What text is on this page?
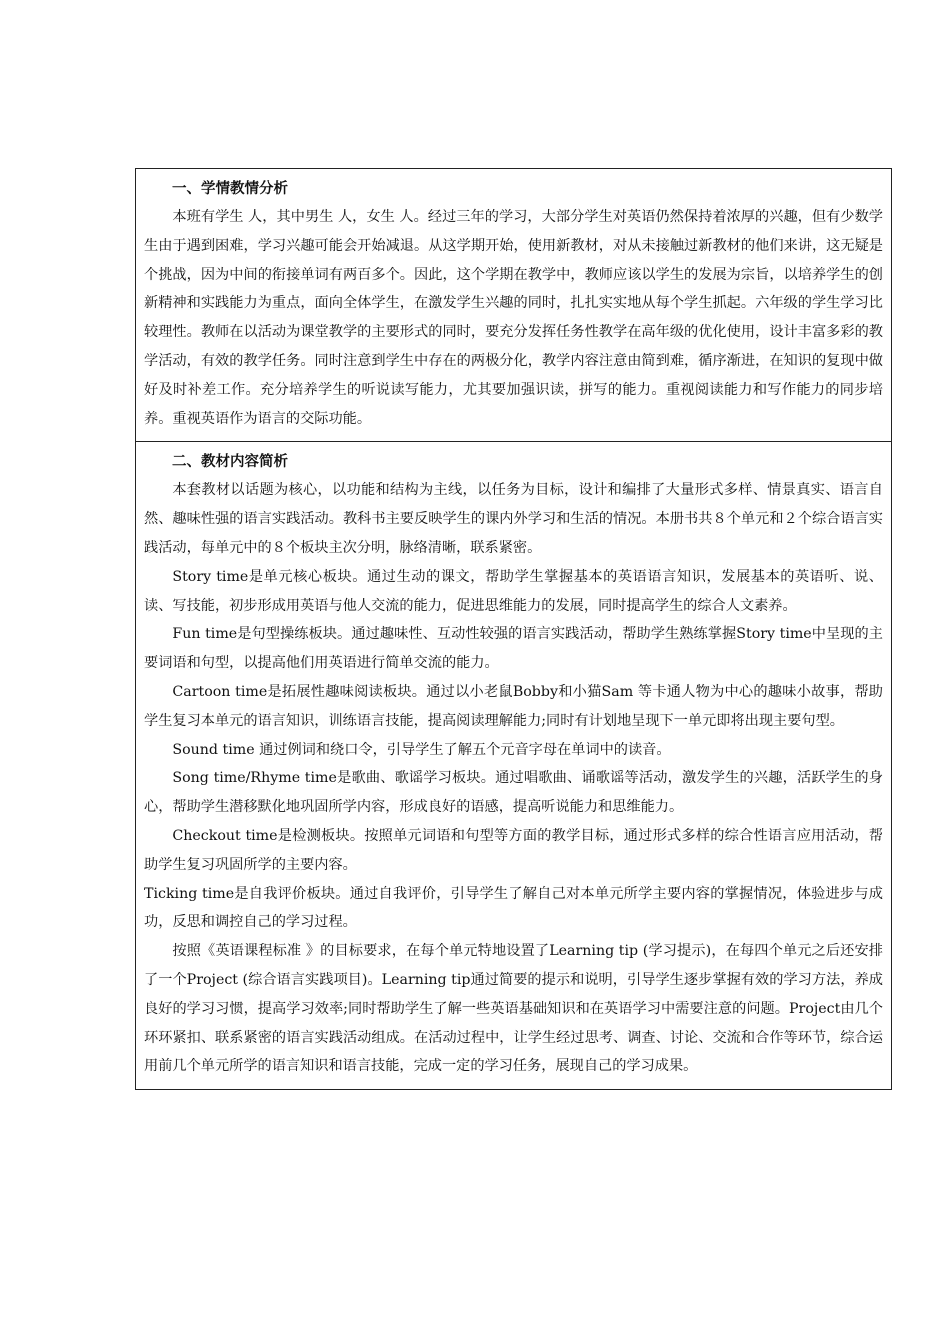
一、学情教情分析

本班有学生 人，其中男生 人，女生 人。经过三年的学习，大部分学生对英语仍然保持着浓厚的兴趣，但有少数学生由于遇到困难，学习兴趣可能会开始减退。从这学期开始，使用新教材，对从未接触过新教材的他们来讲，这无疑是个挑战，因为中间的衔接单词有两百多个。因此，这个学期在教学中，教师应该以学生的发展为宗旨，以培养学生的创新精神和实践能力为重点，面向全体学生，在激发学生兴趣的同时，扎扎实实地从每个学生抓起。六年级的学生学习比较理性。教师在以活动为课堂教学的主要形式的同时，要充分发挥任务性教学在高年级的优化使用，设计丰富多彩的教学活动，有效的教学任务。同时注意到学生中存在的两极分化，教学内容注意由简到难，循序渐进，在知识的复现中做好及时补差工作。充分培养学生的听说读写能力，尤其要加强识读，拼写的能力。重视阅读能力和写作能力的同步培养。重视英语作为语言的交际功能。

二、教材内容简析

本套教材以话题为核心，以功能和结构为主线，以任务为目标，设计和编排了大量形式多样、情景真实、语言自然、趣味性强的语言实践活动。教科书主要反映学生的课内外学习和生活的情况。本册书共８个单元和２个综合语言实践活动，每单元中的８个板块主次分明，脉络清晰，联系紧密。

Story time是单元核心板块。通过生动的课文，帮助学生掌握基本的英语语言知识，发展基本的英语听、说、读、写技能，初步形成用英语与他人交流的能力，促进思维能力的发展，同时提高学生的综合人文素养。

Fun time是句型操练板块。通过趣味性、互动性较强的语言实践活动，帮助学生熟练掌握Story time中呈现的主要词语和句型，以提高他们用英语进行简单交流的能力。

Cartoon time是拓展性趣味阅读板块。通过以小老鼠Bobby和小猫Sam 等卡通人物为中心的趣味小故事，帮助学生复习本单元的语言知识，训练语言技能，提高阅读理解能力;同时有计划地呈现下一单元即将出现主要句型。

Sound time 通过例词和绕口令，引导学生了解五个元音字母在单词中的读音。

Song time/Rhyme time是歌曲、歌谣学习板块。通过唱歌曲、诵歌谣等活动，激发学生的兴趣，活跃学生的身心，帮助学生潜移默化地巩固所学内容，形成良好的语感，提高听说能力和思维能力。

Checkout time是检测板块。按照单元词语和句型等方面的教学目标，通过形式多样的综合性语言应用活动，帮助学生复习巩固所学的主要内容。

Ticking time是自我评价板块。通过自我评价，引导学生了解自己对本单元所学主要内容的掌握情况，体验进步与成功，反思和调控自己的学习过程。

按照《英语课程标准 》的目标要求，在每个单元特地设置了Learning tip (学习提示)，在每四个单元之后还安排了一个Project (综合语言实践项目)。Learning tip通过简要的提示和说明，引导学生逐步掌握有效的学习方法，养成良好的学习习惯，提高学习效率;同时帮助学生了解一些英语基础知识和在英语学习中需要注意的问题。Project由几个环环紧扣、联系紧密的语言实践活动组成。在活动过程中，让学生经过思考、调查、讨论、交流和合作等环节，综合运用前几个单元所学的语言知识和语言技能，完成一定的学习任务，展现自己的学习成果。
